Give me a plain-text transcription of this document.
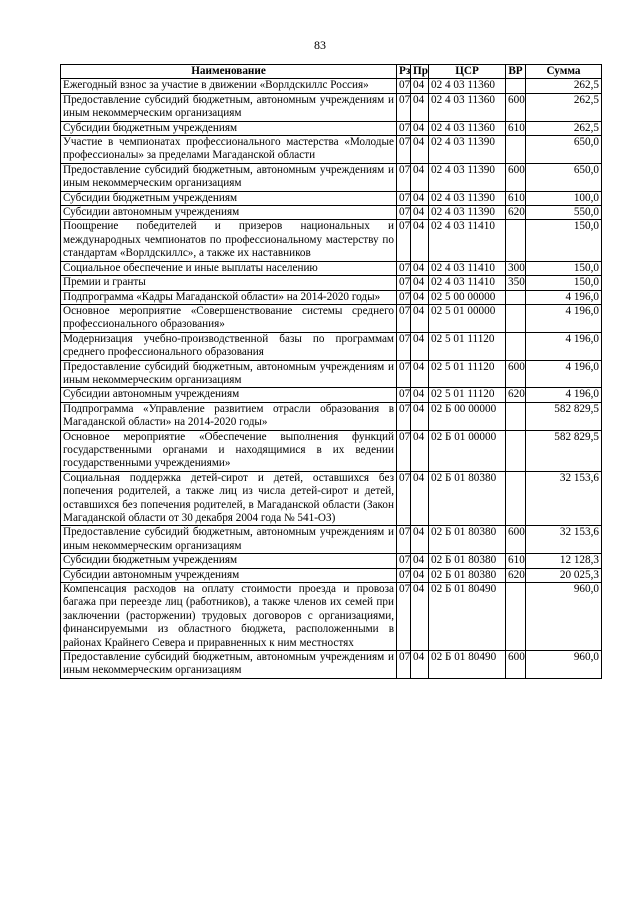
83
Наименование	Рз	Пр	ЦСР	ВР	Сумма
Ежегодный взнос за участие в движении «Ворлдскиллс Россия»	07	04	02 4 03 11360		262,5
Предоставление субсидий бюджетным, автономным учреждениям и иным некоммерческим организациям	07	04	02 4 03 11360	600	262,5
Субсидии бюджетным учреждениям	07	04	02 4 03 11360	610	262,5
Участие в чемпионатах профессионального мастерства «Молодые профессионалы» за пределами Магаданской области	07	04	02 4 03 11390		650,0
Предоставление субсидий бюджетным, автономным учреждениям и иным некоммерческим организациям	07	04	02 4 03 11390	600	650,0
Субсидии бюджетным учреждениям	07	04	02 4 03 11390	610	100,0
Субсидии автономным учреждениям	07	04	02 4 03 11390	620	550,0
Поощрение победителей и призеров национальных и международных чемпионатов по профессиональному мастерству по стандартам «Ворлдскиллс», а также их наставников	07	04	02 4 03 11410		150,0
Социальное обеспечение и иные выплаты населению	07	04	02 4 03 11410	300	150,0
Премии и гранты	07	04	02 4 03 11410	350	150,0
Подпрограмма «Кадры Магаданской области» на 2014-2020 годы»	07	04	02 5 00 00000		4 196,0
Основное мероприятие «Совершенствование системы среднего профессионального образования»	07	04	02 5 01 00000		4 196,0
Модернизация учебно-производственной базы по программам среднего профессионального образования	07	04	02 5 01 11120		4 196,0
Предоставление субсидий бюджетным, автономным учреждениям и иным некоммерческим организациям	07	04	02 5 01 11120	600	4 196,0
Субсидии автономным учреждениям	07	04	02 5 01 11120	620	4 196,0
Подпрограмма «Управление развитием отрасли образования в Магаданской области» на 2014-2020 годы»	07	04	02 Б 00 00000		582 829,5
Основное мероприятие «Обеспечение выполнения функций государственными органами и находящимися в их ведении государственными учреждениями»	07	04	02 Б 01 00000		582 829,5
Социальная поддержка детей-сирот и детей, оставшихся без попечения родителей, а также лиц из числа детей-сирот и детей, оставшихся без попечения родителей, в Магаданской области (Закон Магаданской области от 30 декабря 2004 года № 541-ОЗ)	07	04	02 Б 01 80380		32 153,6
Предоставление субсидий бюджетным, автономным учреждениям и иным некоммерческим организациям	07	04	02 Б 01 80380	600	32 153,6
Субсидии бюджетным учреждениям	07	04	02 Б 01 80380	610	12 128,3
Субсидии автономным учреждениям	07	04	02 Б 01 80380	620	20 025,3
Компенсация расходов на оплату стоимости проезда и провоза багажа при переезде лиц (работников), а также членов их семей при заключении (расторжении) трудовых договоров с организациями, финансируемыми из областного бюджета, расположенными в районах Крайнего Севера и приравненных к ним местностях	07	04	02 Б 01 80490		960,0
Предоставление субсидий бюджетным, автономным учреждениям и иным некоммерческим организациям	07	04	02 Б 01 80490	600	960,0
